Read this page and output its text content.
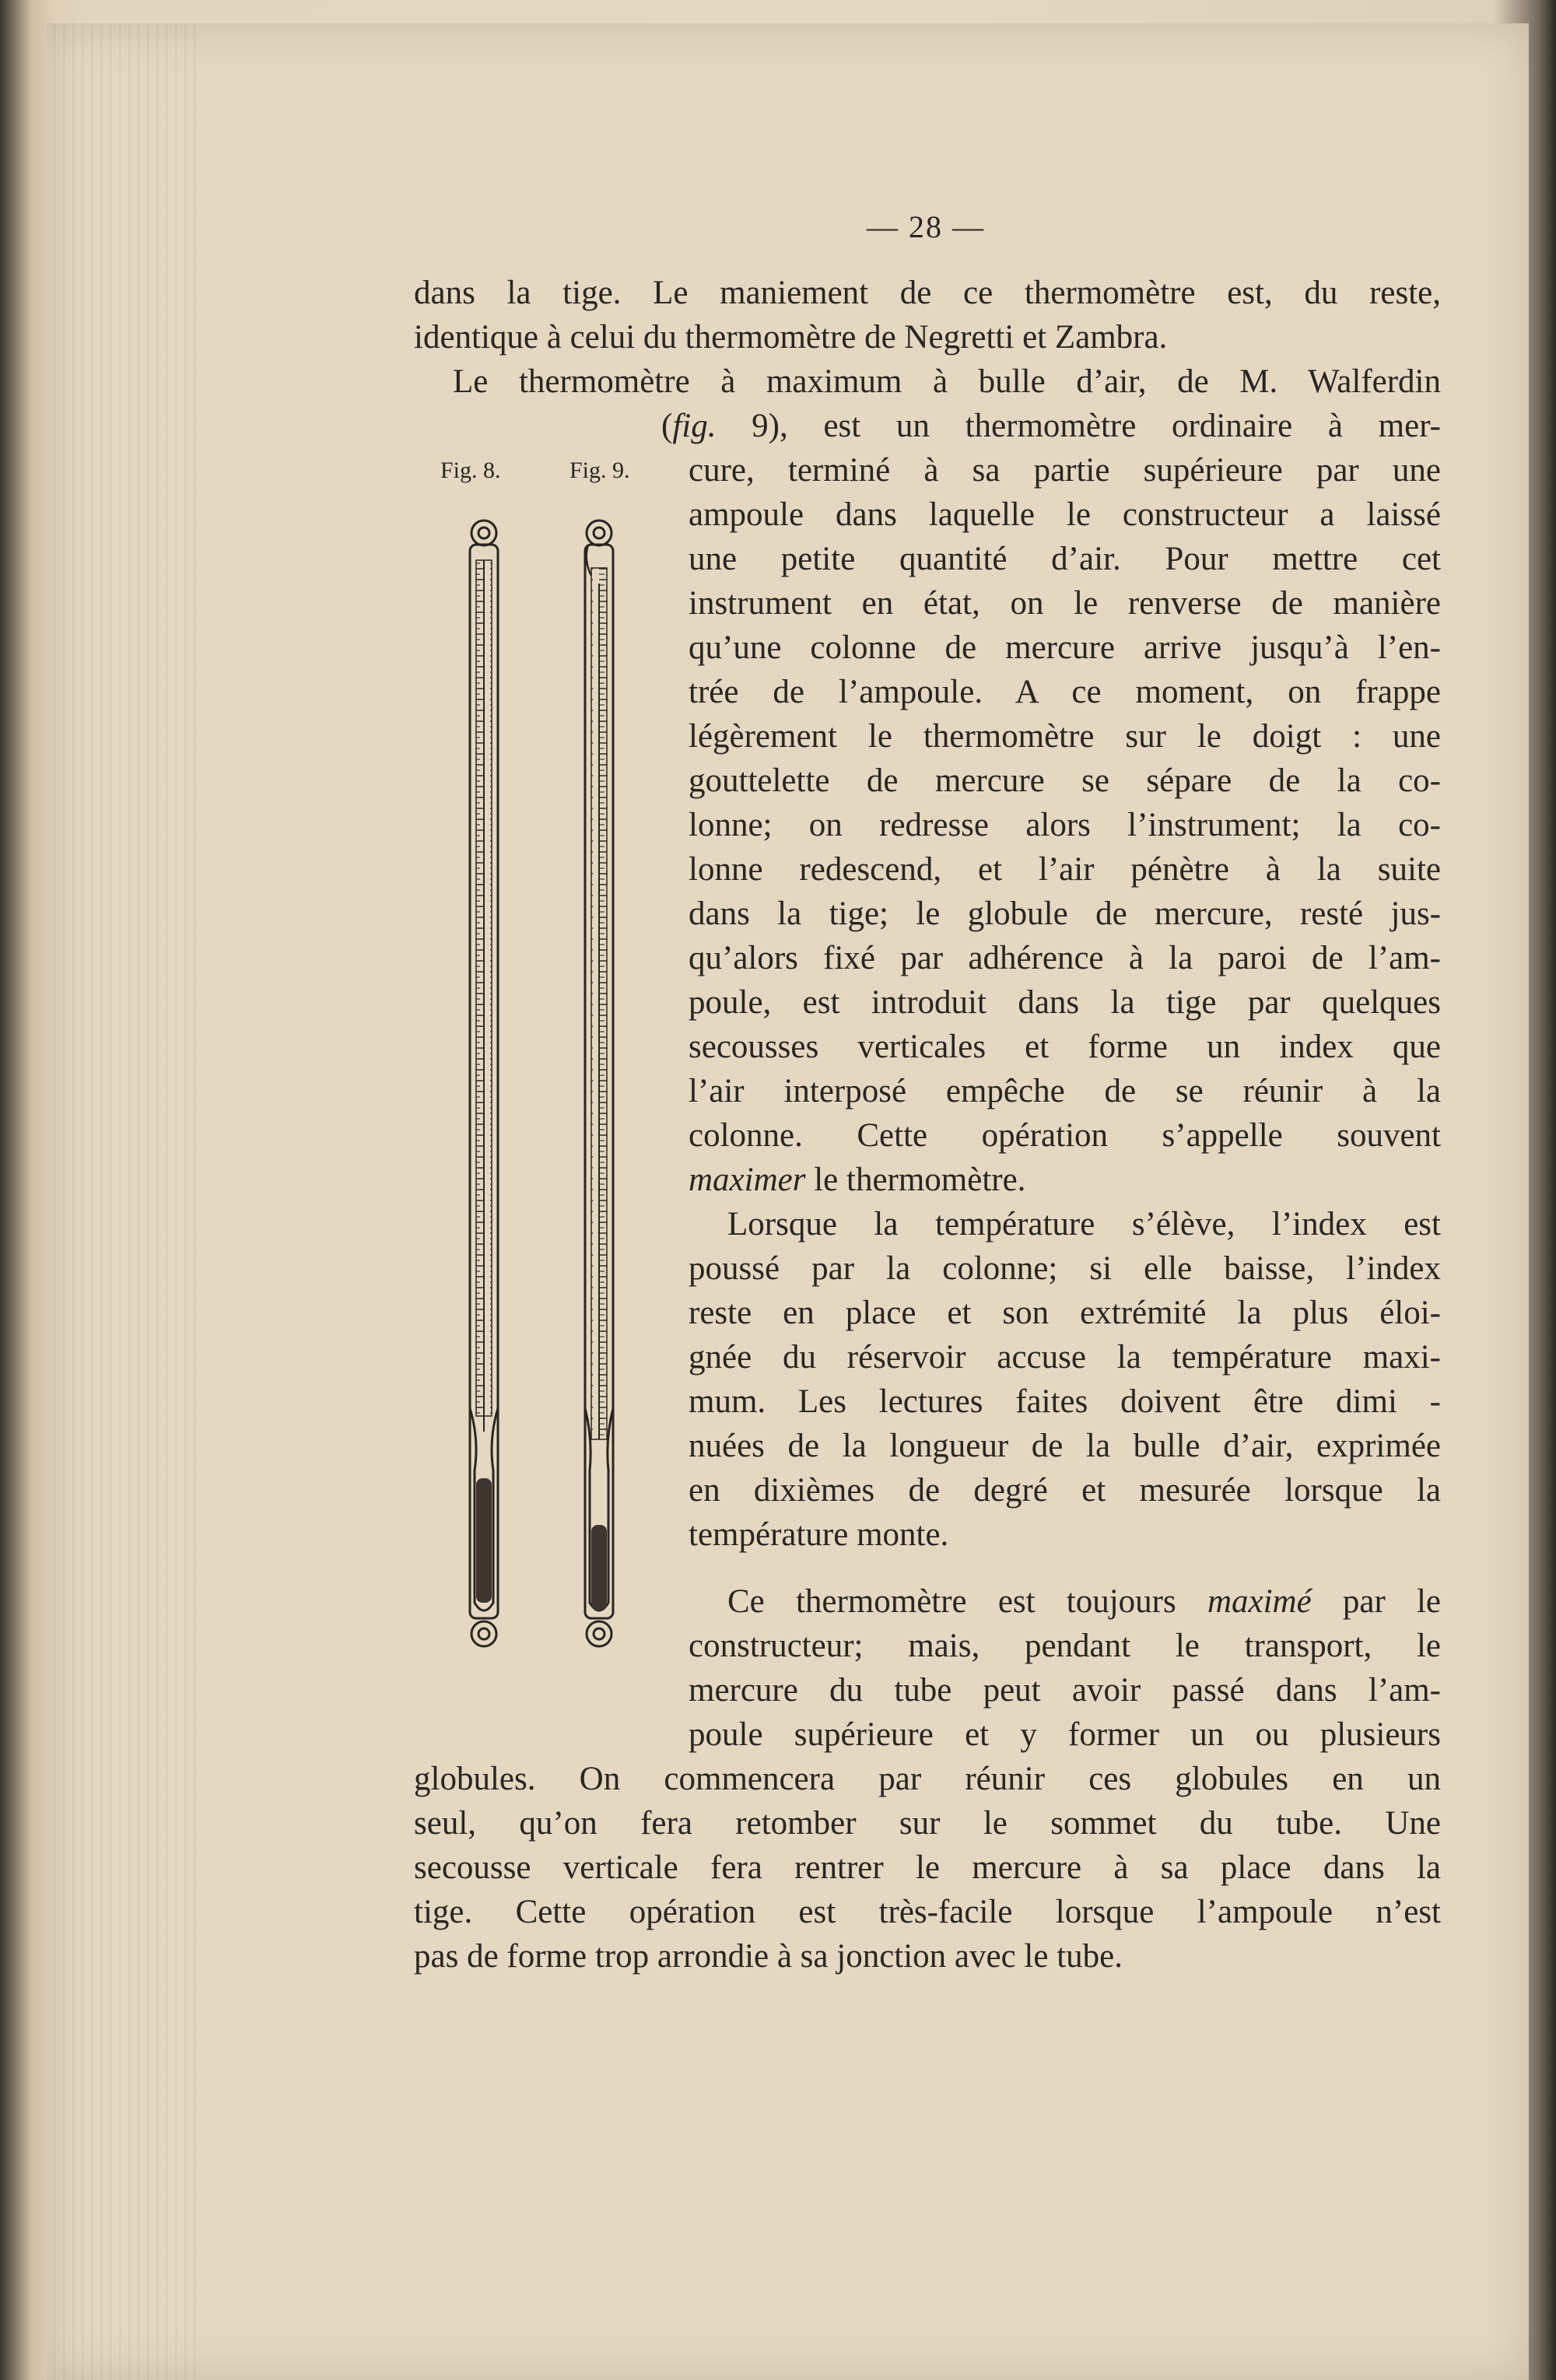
— 28 —
dans la tige. Le maniement de ce thermomètre est, du reste,
identique à celui du thermomètre de Negretti et Zambra.
Le thermomètre à maximum à bulle d’air, de M. Walferdin
(fig. 9), est un thermomètre ordinaire à mer-
Fig. 8.	Fig. 9. cure, terminé à sa partie supérieure par une
ampoule dans laquelle le constructeur a laissé
une petite quantité d’air. Pour mettre cet
instrument en état, on le renverse de manière
qu’une colonne de mercure arrive jusqu’à l’en-
trée de l’ampoule. A ce moment, on frappe
légèrement le thermomètre sur le doigt : une
gouttelette de mercure se sépare de la co-
lonne; on redresse alors l’instrument; la co-
lonne redescend, et l’air pénètre à la suite
dans la tige; le globule de mercure, resté jus-
qu’alors fixé par adhérence à la paroi de l’am-
poule, est introduit dans la tige par quelques
secousses verticales et forme un index que
l’air interposé empêche de se réunir à la
colonne. Cette opération s’appelle souvent
maximer le thermomètre.
Lorsque la température s’élève, l’index est
poussé par la colonne; si elle baisse, l’index
reste en place et son extrémité la plus éloi-
gnée du réservoir accuse la température maxi-
mum. Les lectures faites doivent être dimi -
nuées de la longueur de la bulle d’air, exprimée
en dixièmes de degré et mesurée lorsque la
température monte.
Ce thermomètre est toujours maximé par le
constructeur; mais, pendant le transport, le
mercure du tube peut avoir passé dans l’am-
poule supérieure et y former un ou plusieurs
globules. On commencera par réunir ces globules en un
seul, qu’on fera retomber sur le sommet du tube. Une
secousse verticale fera rentrer le mercure à sa place dans la
tige. Cette opération est très-facile lorsque l’ampoule n’est
pas de forme trop arrondie à sa jonction avec le tube.
